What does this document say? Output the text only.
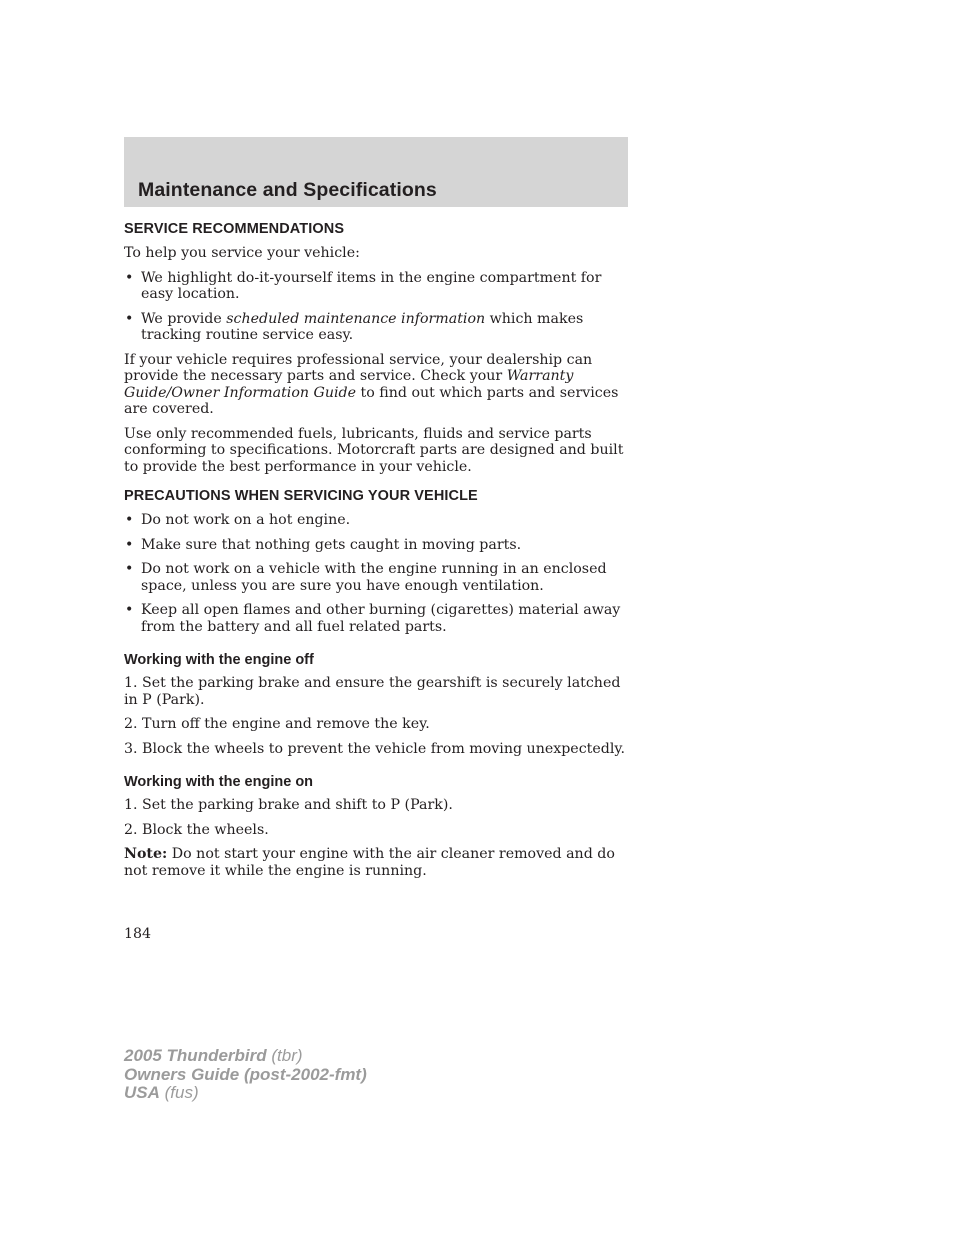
Maintenance and Specifications
SERVICE RECOMMENDATIONS

To help you service your vehicle:

• We highlight do-it-yourself items in the engine compartment for easy location.
• We provide scheduled maintenance information which makes tracking routine service easy.

If your vehicle requires professional service, your dealership can provide the necessary parts and service. Check your Warranty Guide/Owner Information Guide to find out which parts and services are covered.

Use only recommended fuels, lubricants, fluids and service parts conforming to specifications. Motorcraft parts are designed and built to provide the best performance in your vehicle.

PRECAUTIONS WHEN SERVICING YOUR VEHICLE
• Do not work on a hot engine.
• Make sure that nothing gets caught in moving parts.
• Do not work on a vehicle with the engine running in an enclosed space, unless you are sure you have enough ventilation.
• Keep all open flames and other burning (cigarettes) material away from the battery and all fuel related parts.
Working with the engine off
1. Set the parking brake and ensure the gearshift is securely latched in P (Park).
2. Turn off the engine and remove the key.
3. Block the wheels to prevent the vehicle from moving unexpectedly.
Working with the engine on
1. Set the parking brake and shift to P (Park).
2. Block the wheels.

Note: Do not start your engine with the air cleaner removed and do not remove it while the engine is running.

184
2005 Thunderbird (tbr)
Owners Guide (post-2002-fmt)
USA (fus)
